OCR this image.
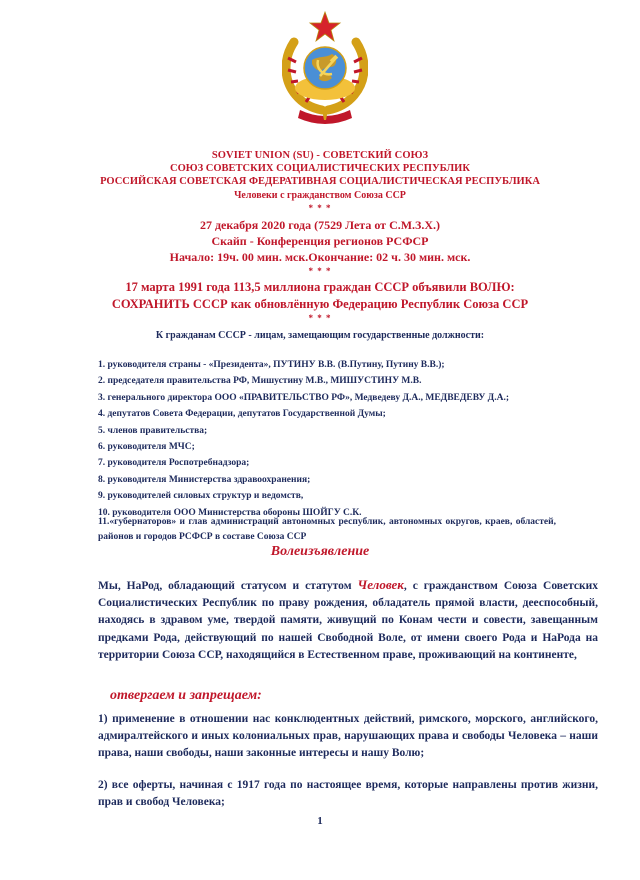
SOVIET UNION (SU) - СОВЕТСКИЙ СОЮЗ
СОЮЗ СОВЕТСКИХ СОЦИАЛИСТИЧЕСКИХ РЕСПУБЛИК
РОССИЙСКАЯ СОВЕТСКАЯ ФЕДЕРАТИВНАЯ СОЦИАЛИСТИЧЕСКАЯ РЕСПУБЛИКА
Человеки с гражданством Союза ССР
* * *
27 декабря 2020 года (7529 Лета от С.М.З.Х.)
Скайп - Конференция регионов РСФСР
Начало: 19ч. 00 мин. мск.Окончание: 02 ч. 30 мин. мск.
* * *
17 марта 1991 года 113,5 миллиона граждан СССР объявили ВОЛЮ:
СОХРАНИТЬ СССР как обновлённую Федерацию Республик Союза ССР
* * *
К гражданам СССР - лицам, замещающим государственные должности:
1. руководителя страны - «Президента», ПУТИНУ В.В. (В.Путину, Путину В.В.);
2. председателя правительства РФ, Мишустину М.В., МИШУСТИНУ М.В.
3. генерального директора ООО «ПРАВИТЕЛЬСТВО РФ», Медведеву Д.А., МЕДВЕДЕВУ Д.А.;
4. депутатов Совета Федерации, депутатов Государственной Думы;
5. членов правительства;
6. руководителя МЧС;
7. руководителя Роспотребнадзора;
8. руководителя Министерства здравоохранения;
9. руководителей силовых структур и ведомств,
10. руководителя ООО Министерства обороны ШОЙГУ С.К.
11.«губернаторов» и глав администраций автономных республик, автономных округов, краев, областей, районов и городов РСФСР в составе Союза ССР
Волеизъявление
Мы, НаРод, обладающий статусом и статутом Человек, с гражданством Союза Советских Социалистических Республик по праву рождения, обладатель прямой власти, дееспособный, находясь в здравом уме, твердой памяти, живущий по Конам чести и совести, завещанным предками Рода, действующий по нашей Свободной Воле, от имени своего Рода и НаРода на территории Союза ССР, находящийся в Естественном праве, проживающий на континенте,
отвергаем и запрещаем:
1) применение в отношении нас конклюдентных действий, римского, морского, английского, адмиралтейского и иных колониальных прав, нарушающих права и свободы Человека – наши права, наши свободы, наши законные интересы и нашу Волю;
2) все оферты, начиная с 1917 года по настоящее время, которые направлены против жизни, прав и свобод Человека;
1
